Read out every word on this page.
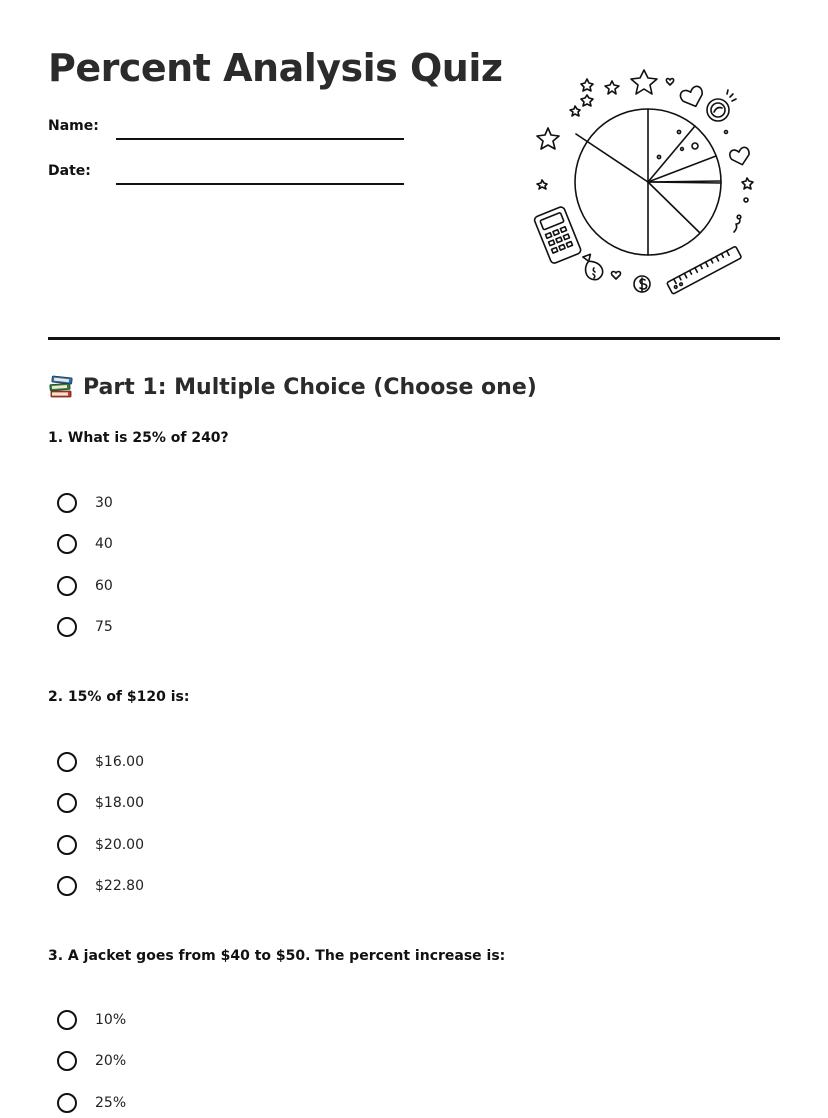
Percent Analysis Quiz
Name:
Date:
Part 1: Multiple Choice (Choose one)

1. What is 25% of 240?

30
40
60
75

2. 15% of $120 is:

$16.00
$18.00
$20.00
$22.80

3. A jacket goes from $40 to $50. The percent increase is:

10%
20%
25%
